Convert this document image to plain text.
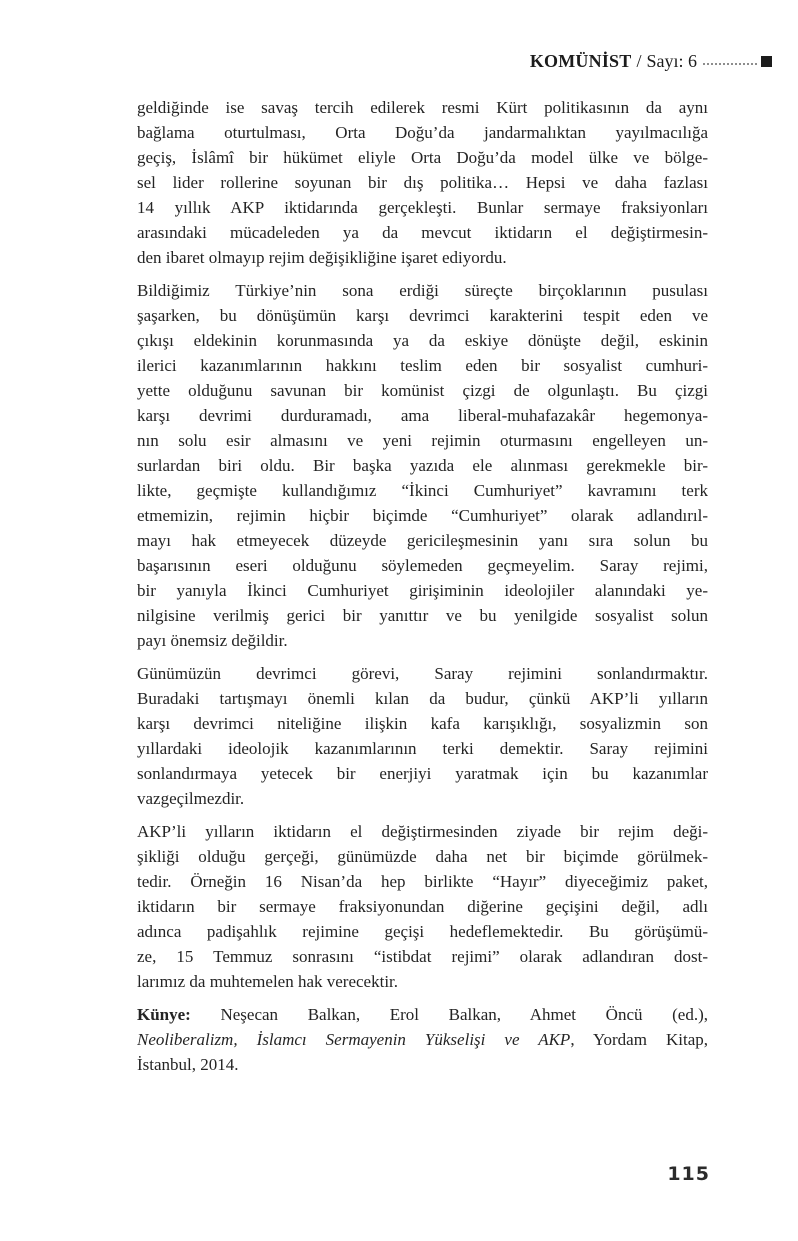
KOMÜNİST / Sayı: 6
geldiğinde ise savaş tercih edilerek resmi Kürt politikasının da aynı
bağlama oturtulması, Orta Doğu’da jandarmalıktan yayılmacılığa
geçiş, İslâmî bir hükümet eliyle Orta Doğu’da model ülke ve bölge-
sel lider rollerine soyunan bir dış politika… Hepsi ve daha fazlası
14 yıllık AKP iktidarında gerçekleşti. Bunlar sermaye fraksiyonları
arasındaki mücadeleden ya da mevcut iktidarın el değiştirmesin-
den ibaret olmayıp rejim değişikliğine işaret ediyordu.
Bildiğimiz Türkiye’nin sona erdiği süreçte birçoklarının pusulası
şaşarken, bu dönüşümün karşı devrimci karakterini tespit eden ve
çıkışı eldekinin korunmasında ya da eskiye dönüşte değil, eskinin
ilerici kazanımlarının hakkını teslim eden bir sosyalist cumhuri-
yette olduğunu savunan bir komünist çizgi de olgunlaştı. Bu çizgi
karşı devrimi durduramadı, ama liberal-muhafazakâr hegemonya-
nın solu esir almasını ve yeni rejimin oturmasını engelleyen un-
surlardan biri oldu. Bir başka yazıda ele alınması gerekmekle bir-
likte, geçmişte kullandığımız “İkinci Cumhuriyet” kavramını terk
etmemizin, rejimin hiçbir biçimde “Cumhuriyet” olarak adlandırıl-
mayı hak etmeyecek düzeyde gericileşmesinin yanı sıra solun bu
başarısının eseri olduğunu söylemeden geçmeyelim. Saray rejimi,
bir yanıyla İkinci Cumhuriyet girişiminin ideolojiler alanındaki ye-
nilgisine verilmiş gerici bir yanıttır ve bu yenilgide sosyalist solun
payı önemsiz değildir.
Günümüzün devrimci görevi, Saray rejimini sonlandırmaktır.
Buradaki tartışmayı önemli kılan da budur, çünkü AKP’li yılların
karşı devrimci niteliğine ilişkin kafa karışıklığı, sosyalizmin son
yıllardaki ideolojik kazanımlarının terki demektir. Saray rejimini
sonlandırmaya yetecek bir enerjiyi yaratmak için bu kazanımlar
vazgeçilmezdir.
AKP’li yılların iktidarın el değiştirmesinden ziyade bir rejim deği-
şikliği olduğu gerçeği, günümüzde daha net bir biçimde görülmek-
tedir. Örneğin 16 Nisan’da hep birlikte “Hayır” diyeceğimiz paket,
iktidarın bir sermaye fraksiyonundan diğerine geçişini değil, adlı
adınca padişahlık rejimine geçişi hedeflemektedir. Bu görüşümü-
ze, 15 Temmuz sonrasını “istibdat rejimi” olarak adlandıran dost-
larımız da muhtemelen hak verecektir.
Künye: Neşecan Balkan, Erol Balkan, Ahmet Öncü (ed.),
Neoliberalizm, İslamcı Sermayenin Yükselişi ve AKP, Yordam Kitap,
İstanbul, 2014.
115
